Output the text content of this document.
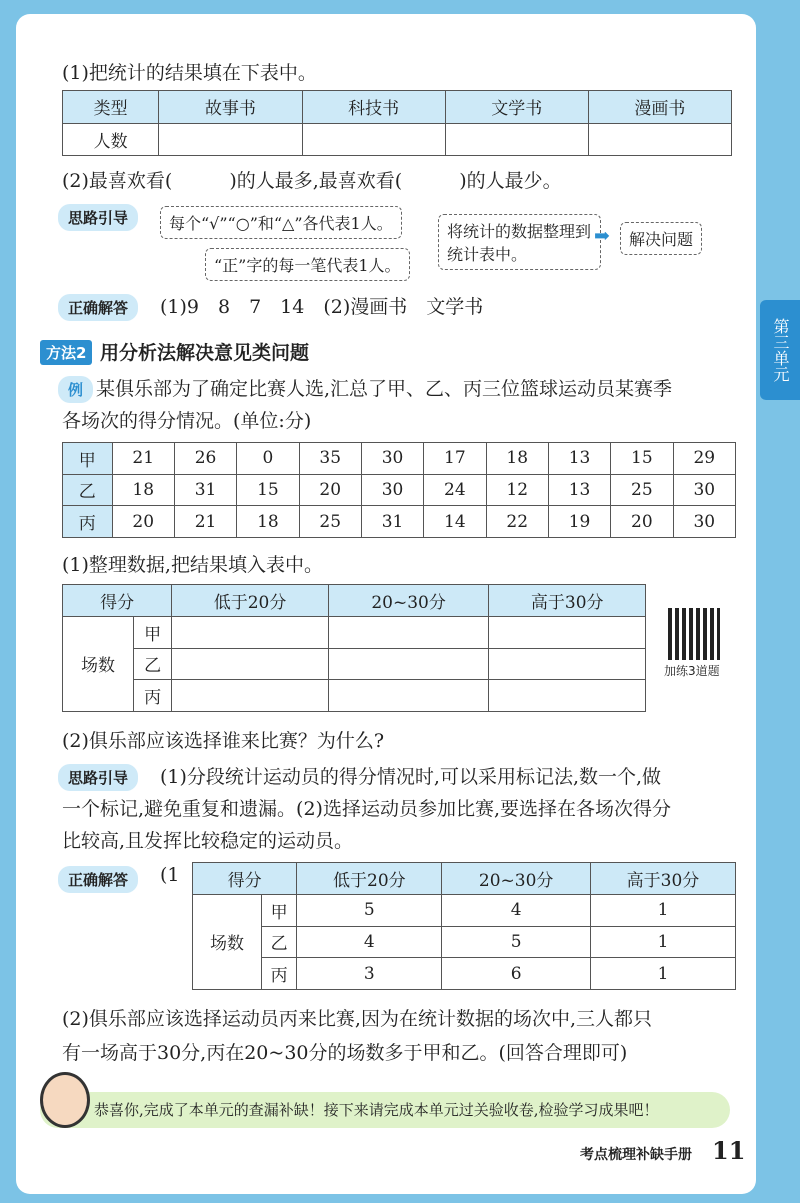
第三单元
(1)把统计的结果填在下表中。
类型	故事书	科技书	文学书	漫画书
人数				
(2)最喜欢看(　　　)的人最多,最喜欢看(　　　)的人最少。
思路引导	每个“√”“○”和“△”各代表1人。
“正”字的每一笔代表1人。
将统计的数据整理到统计表中。
➡	解决问题
正确解答	(1)9　8　7　14　(2)漫画书　文学书
方法2 用分析法解决意见类问题
例 某俱乐部为了确定比赛人选,汇总了甲、乙、丙三位篮球运动员某赛季
各场次的得分情况。(单位:分)
甲	21	26	0	35	30	17	18	13	15	29
乙	18	31	15	20	30	24	12	13	25	30
丙	20	21	18	25	31	14	22	19	20	30
(1)整理数据,把结果填入表中。
得分		低于20分	20~30分	高于30分
场数	甲			
	乙			
	丙			
加练3道题
(2)俱乐部应该选择谁来比赛？为什么?
思路引导	(1)分段统计运动员的得分情况时,可以采用标记法,数一个,做
一个标记,避免重复和遗漏。(2)选择运动员参加比赛,要选择在各场次得分
比较高,且发挥比较稳定的运动员。
正确解答	(1	得分		低于20分	20~30分	高于30分
场数	甲	5	4	1
	乙	4	5	1
	丙	3	6	1
(2)俱乐部应该选择运动员丙来比赛,因为在统计数据的场次中,三人都只
有一场高于30分,丙在20~30分的场数多于甲和乙。(回答合理即可)
恭喜你,完成了本单元的查漏补缺！接下来请完成本单元过关验收卷,检验学习成果吧！
考点梳理补缺手册 11
